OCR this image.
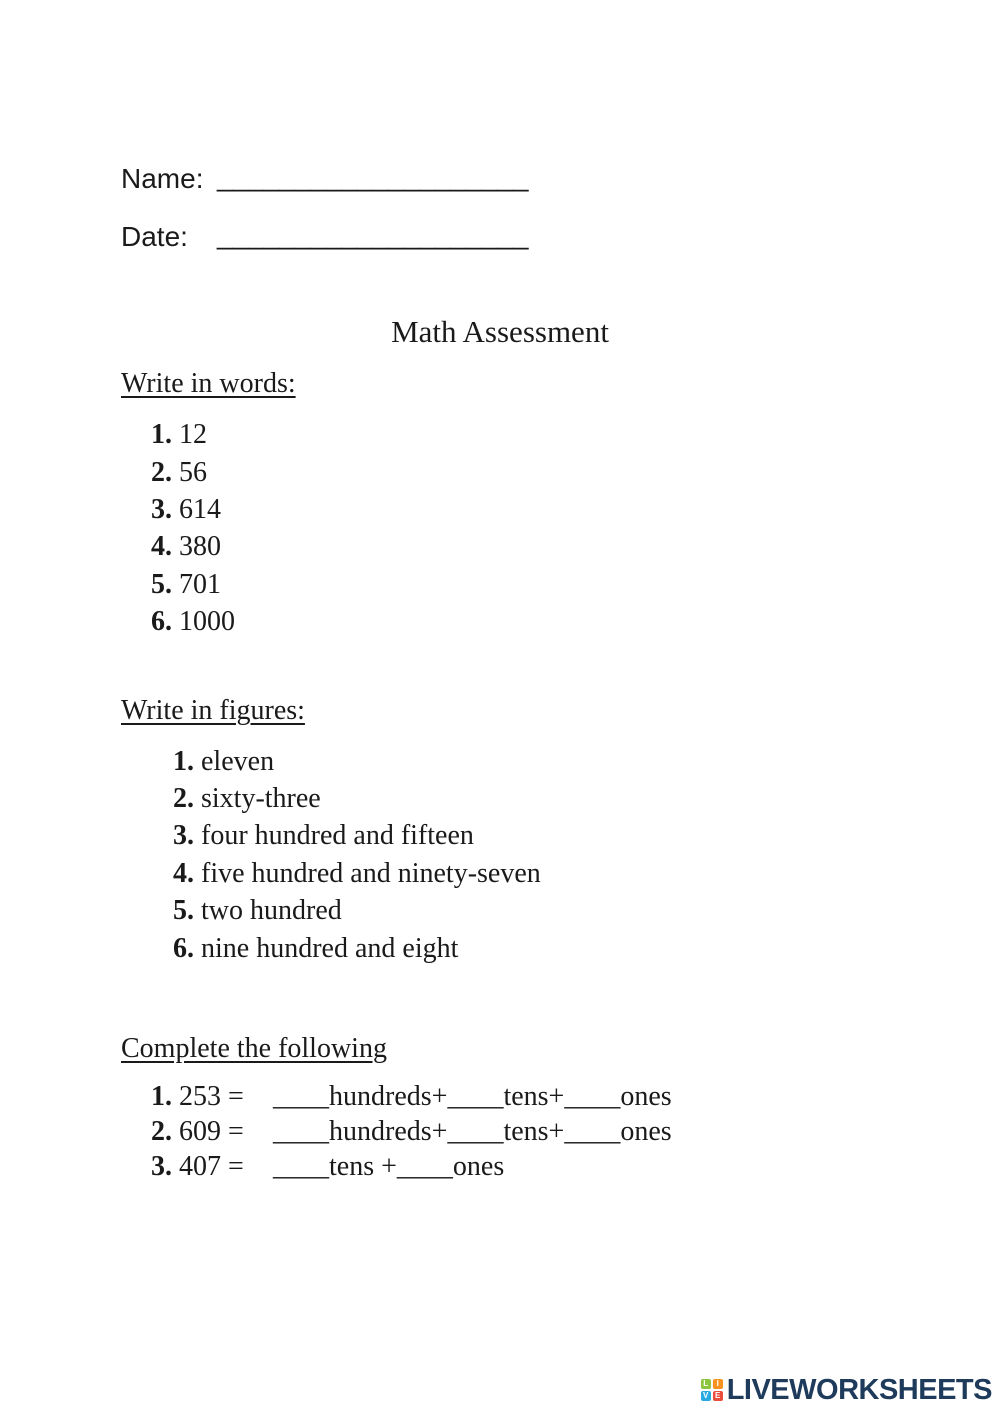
Name: ____________________
Date: ____________________
Math Assessment
Write in words:
1. 12
2. 56
3. 614
4. 380
5. 701
6. 1000
Write in figures:
1. eleven
2. sixty-three
3. four hundred and fifteen
4. five hundred and ninety-seven
5. two hundred
6. nine hundred and eight
Complete the following
1. 253 = ____hundreds+____tens+____ones
2. 609 = ____hundreds+____tens+____ones
3. 407 = ____tens +____ones
L	I
V E LIVEWORKSHEETS
